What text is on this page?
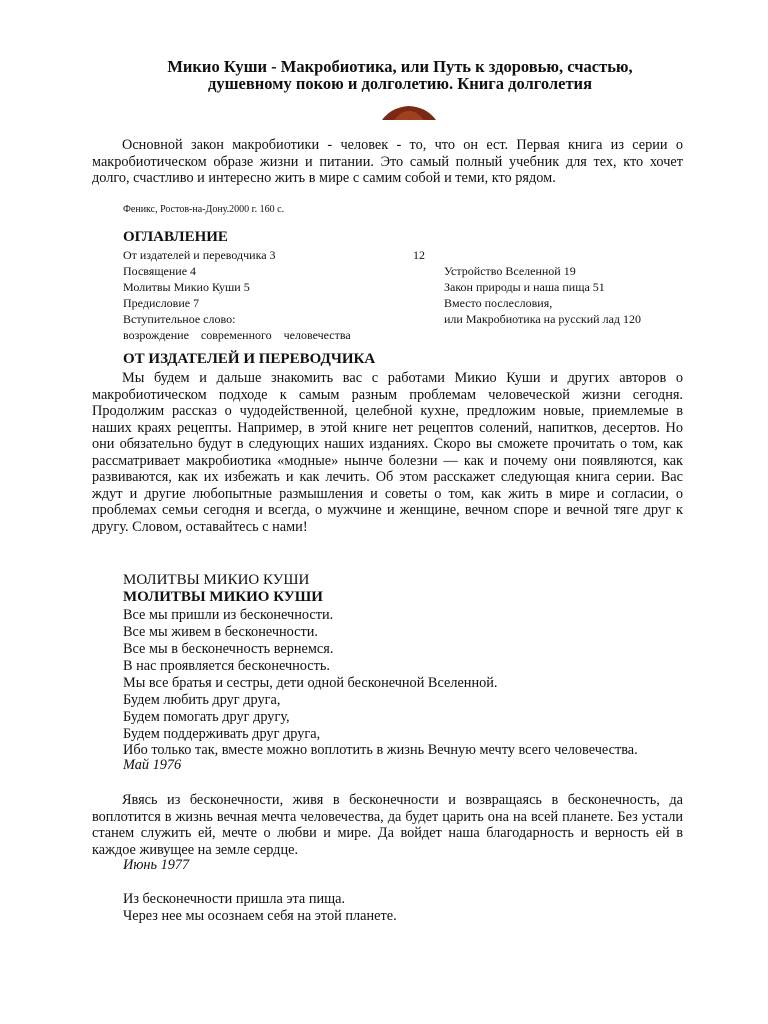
Микио Куши - Макробиотика, или Путь к здоровью, счастью,
душевному покою и долголетию. Книга долголетия

Основной закон макробиотики - человек - то, что он ест. Первая книга из серии о макробиотическом образе жизни и питании. Это самый полный учебник для тех, кто хочет долго, счастливо и интересно жить в мире с самим собой и теми, кто рядом.

Феникс, Ростов-на-Дону.2000 г. 160 с.

ОГЛАВЛЕНИЕ

От издателей и переводчика 3

Посвящение 4

Молитвы Микио Куши 5

Предисловие 7

Вступительное слово:

возрождение    современного    человечества

12

Устройство Вселенной 19

Закон природы и наша пища 51

Вместо послесловия,

или Макробиотика на русский лад 120

ОТ ИЗДАТЕЛЕЙ И ПЕРЕВОДЧИКА

Мы будем и дальше знакомить вас с работами Микио Куши и других авторов о макробиотическом подходе к самым разным проблемам человеческой жизни сегодня. Продолжим рассказ о чудодейственной, целебной кухне, предложим новые, приемлемые в наших краях рецепты. Например, в этой книге нет рецептов солений, напитков, десертов. Но они обязательно будут в следующих наших изданиях. Скоро вы сможете прочитать о том, как рассматривает макробиотика «модные» нынче болезни — как и почему они появляются, как развиваются, как их избежать и как лечить. Об этом расскажет следующая книга серии. Вас ждут и другие любопытные размышления и советы о том, как жить в мире и согласии, о проблемах семьи сегодня и всегда, о мужчине и женщине, вечном споре и вечной тяге друг к другу. Словом, оставайтесь с нами!

МОЛИТВЫ МИКИО КУШИ

МОЛИТВЫ МИКИО КУШИ

Все мы пришли из бесконечности.

Все мы живем в бесконечности.

Все мы в бесконечность вернемся.

В нас проявляется бесконечность.

Мы все братья и сестры, дети одной бесконечной Вселенной.

Будем любить друг друга,

Будем помогать друг другу,

Будем поддерживать друг друга,

Ибо только так, вместе можно воплотить в жизнь Вечную мечту всего человечества.

Май 1976

Явясь из бесконечности, живя в бесконечности и возвращаясь в бесконечность, да воплотится в жизнь вечная мечта человечества, да будет царить она на всей планете. Без устали станем служить ей, мечте о любви и мире. Да войдет наша благодарность и верность ей в каждое живущее на земле сердце.

Июнь 1977

Из бесконечности пришла эта пища.

Через нее мы осознаем себя на этой планете.
